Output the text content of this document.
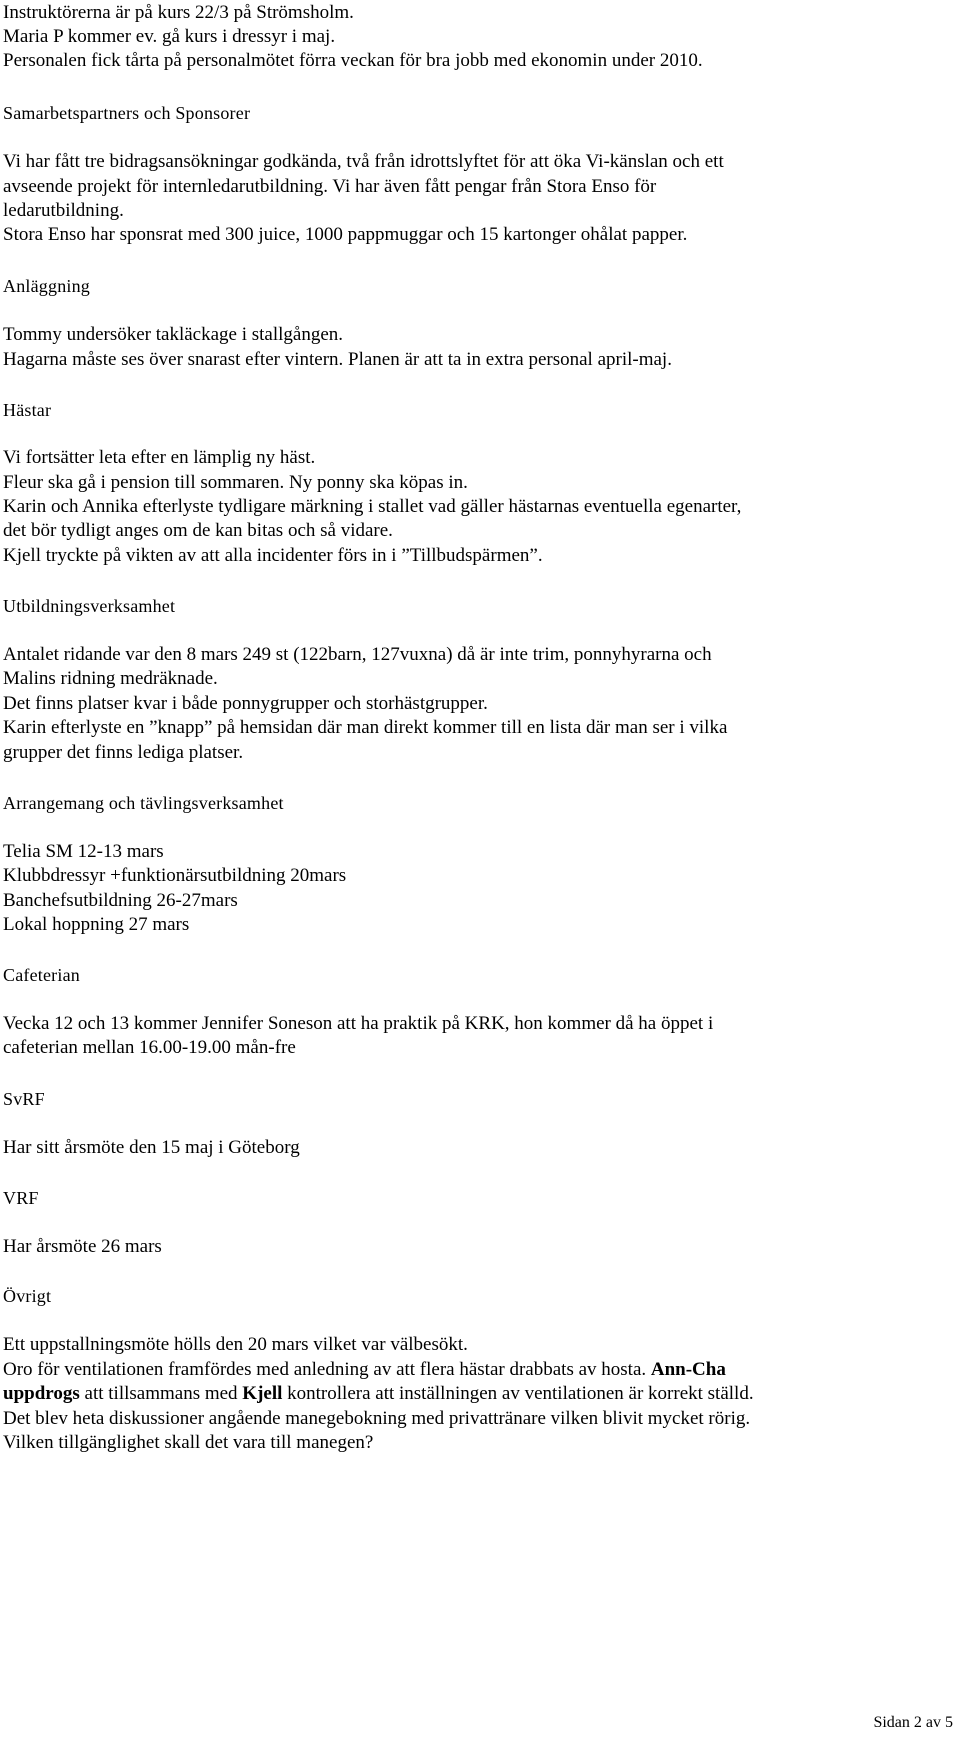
Instruktörerna är på kurs 22/3 på Strömsholm.
Maria P kommer ev. gå kurs i dressyr i maj.
Personalen fick tårta på personalmötet förra veckan för bra jobb med ekonomin under 2010.
Samarbetspartners och Sponsorer
Vi har fått tre bidragsansökningar godkända, två från idrottslyftet för att öka Vi-känslan och ett
avseende projekt för internledarutbildning. Vi har även fått pengar från Stora Enso för
ledarutbildning.
Stora Enso har sponsrat med 300 juice, 1000 pappmuggar och 15 kartonger ohålat papper.
Anläggning
Tommy undersöker takläckage i stallgången.
Hagarna måste ses över snarast efter vintern. Planen är att ta in extra personal april-maj.
Hästar
Vi fortsätter leta efter en lämplig ny häst.
Fleur ska gå i pension till sommaren. Ny ponny ska köpas in.
Karin och Annika efterlyste tydligare märkning i stallet vad gäller hästarnas eventuella egenarter,
det bör tydligt anges om de kan bitas och så vidare.
Kjell tryckte på vikten av att alla incidenter förs in i ”Tillbudspärmen”.
Utbildningsverksamhet
Antalet ridande var den 8 mars 249 st (122barn, 127vuxna) då är inte trim, ponnyhyrarna och
Malins ridning medräknade.
Det finns platser kvar i både ponnygrupper och storhästgrupper.
Karin efterlyste en ”knapp” på hemsidan där man direkt kommer till en lista där man ser i vilka
grupper det finns lediga platser.
Arrangemang och tävlingsverksamhet
Telia SM 12-13 mars
Klubbdressyr +funktionärsutbildning 20mars
Banchefsutbildning 26-27mars
Lokal hoppning 27 mars
Cafeterian
Vecka 12 och 13 kommer Jennifer Soneson att ha praktik på KRK, hon kommer då ha öppet i
cafeterian mellan 16.00-19.00 mån-fre
SvRF
Har sitt årsmöte den 15 maj i Göteborg
VRF
Har årsmöte 26 mars
Övrigt
Ett uppstallningsmöte hölls den 20 mars vilket var välbesökt.
Oro för ventilationen framfördes med anledning av att flera hästar drabbats av hosta. Ann-Cha
uppdrogs att tillsammans med Kjell kontrollera att inställningen av ventilationen är korrekt ställd.
Det blev heta diskussioner angående manegebokning med privattränare vilken blivit mycket rörig.
Vilken tillgänglighet skall det vara till manegen?
Sidan 2 av 5
